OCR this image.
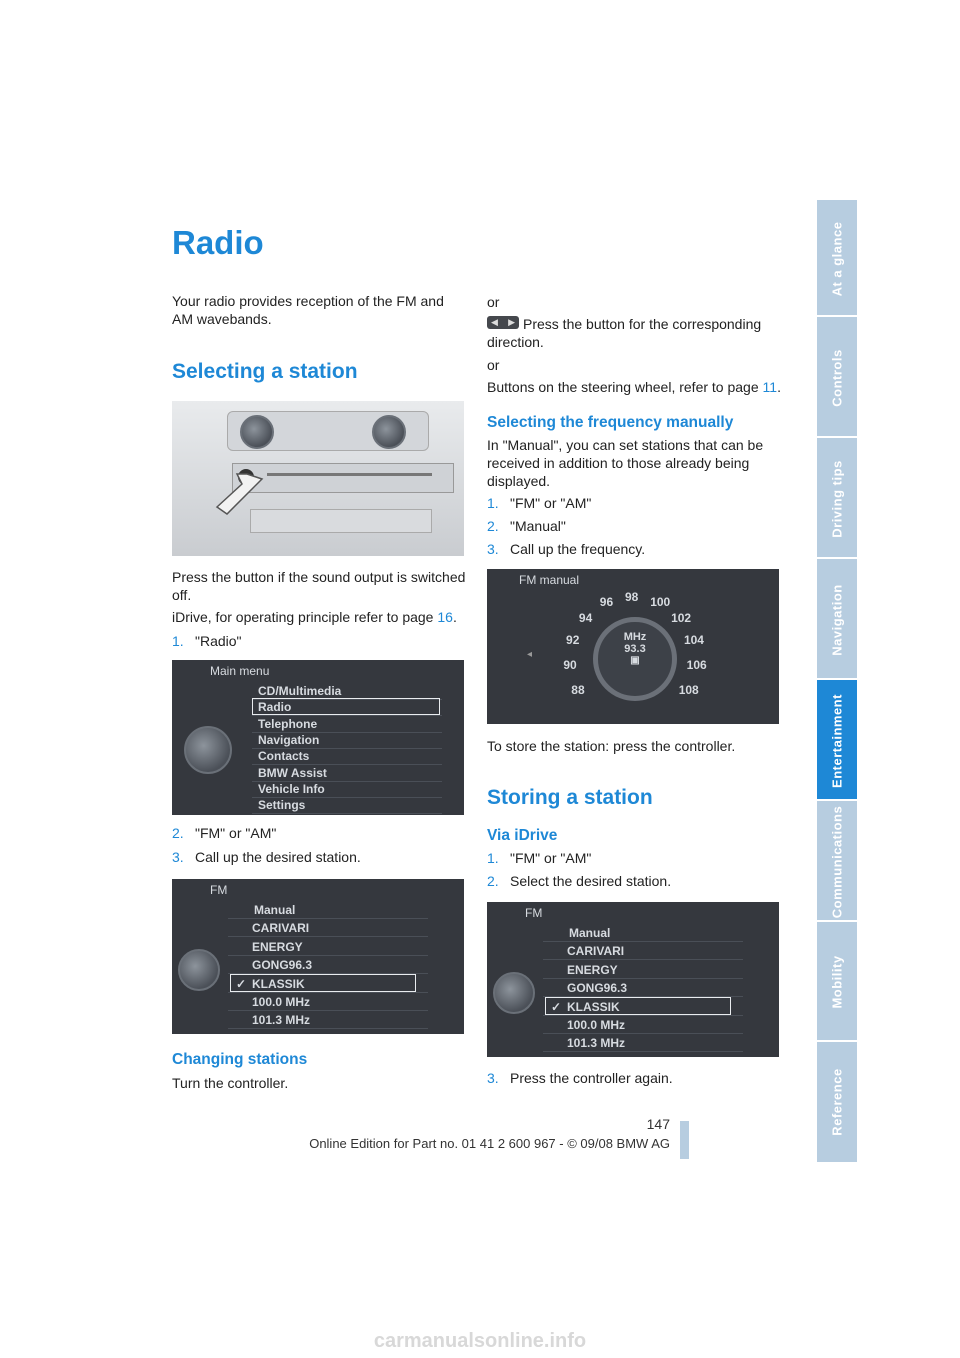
At a glance
Controls
Driving tips
Navigation
Entertainment
Communications
Mobility
Reference
Radio
Your radio provides reception of the FM and AM wavebands.
Selecting a station
Press the button if the sound output is switched off.
iDrive, for operating principle refer to page 16.
1. "Radio"
Main menu
CD/Multimedia
Radio
Telephone
Navigation
Contacts
BMW Assist
Vehicle Info
Settings
2. "FM" or "AM"
3. Call up the desired station.
FM
Manual
CARIVARI
ENERGY
GONG96.3
✓ KLASSIK
100.0 MHz
101.3 MHz
Changing stations
Turn the controller.
or
◀ ▶ Press the button for the corresponding direction.
or
Buttons on the steering wheel, refer to page 11.
Selecting the frequency manually
In "Manual", you can set stations that can be received in addition to those already being displayed.
1. "FM" or "AM"
2. "Manual"
3. Call up the frequency.
FM manual
MHz
93.3
▣
88
90
92
94
96 98 100
102
104
106
108
◂
To store the station: press the controller.
Storing a station
Via iDrive
1. "FM" or "AM"
2. Select the desired station.
FM
Manual
CARIVARI
ENERGY
GONG96.3
✓ KLASSIK
100.0 MHz
101.3 MHz
3. Press the controller again.
147
Online Edition for Part no. 01 41 2 600 967 - © 09/08 BMW AG
carmanualsonline.info
